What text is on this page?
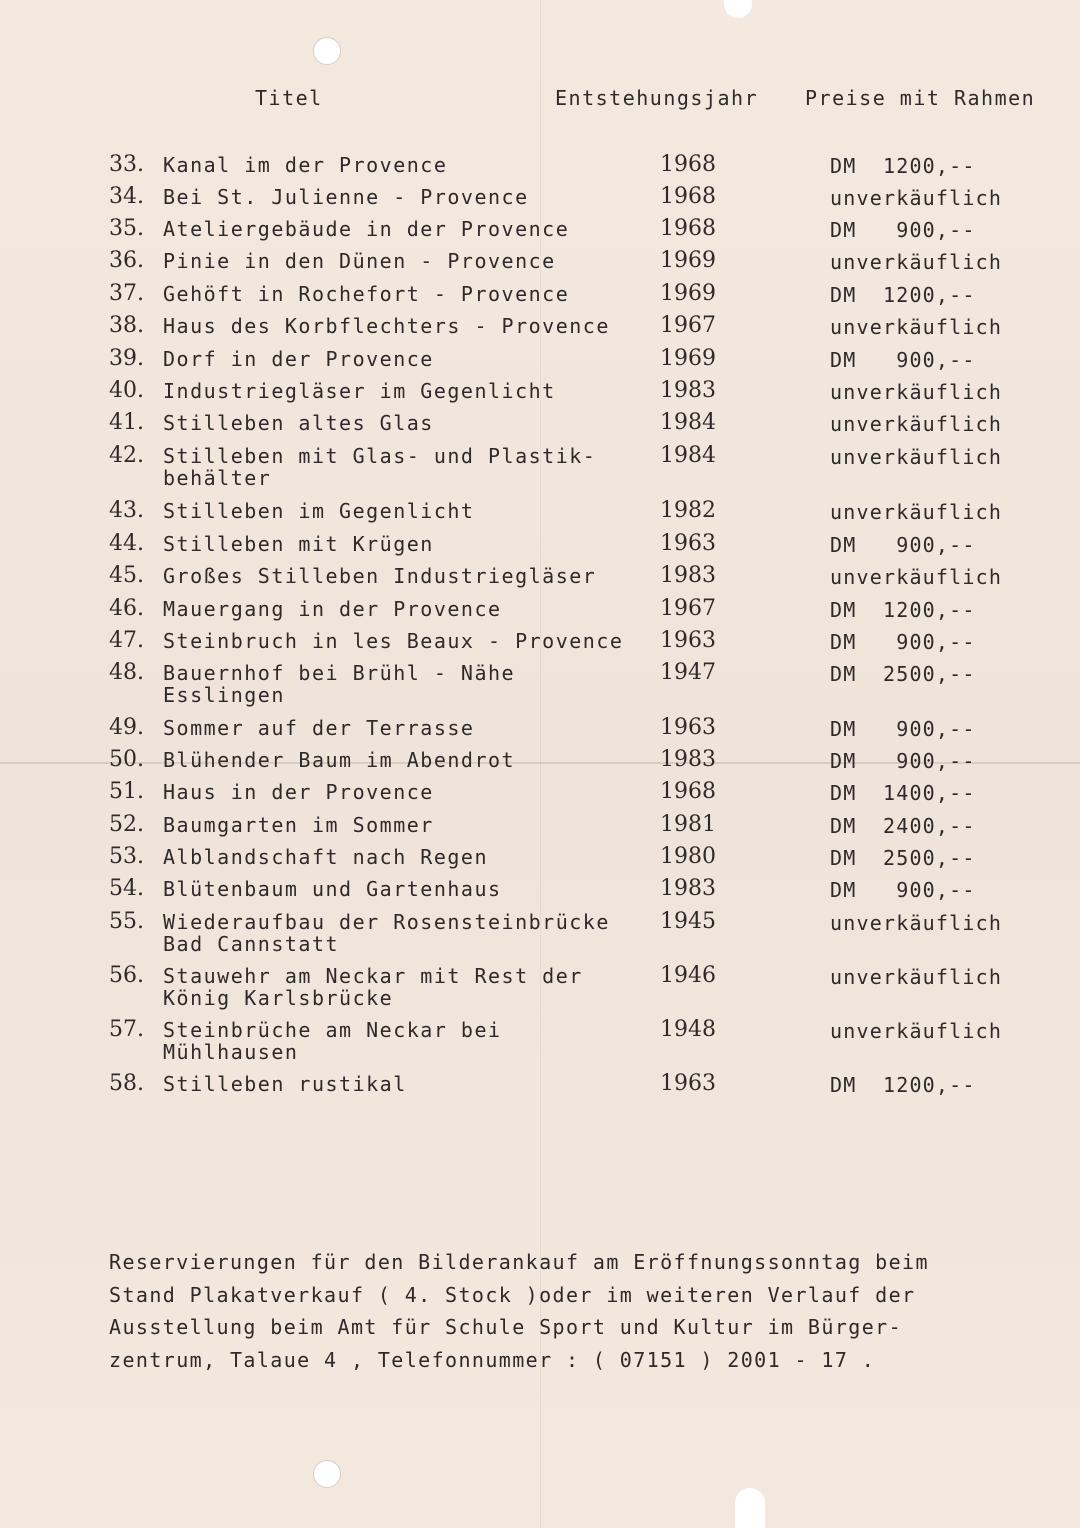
Titel	Entstehungsjahr Preise mit Rahmen
33. Kanal im der Provence	1968	DM  1200,--
34. Bei St. Julienne - Provence	1968	unverkäuflich
35. Ateliergebäude in der Provence	1968	DM   900,--
36. Pinie in den Dünen - Provence	1969	unverkäuflich
37. Gehöft in Rochefort - Provence	1969	DM  1200,--
38. Haus des Korbflechters - Provence	1967	unverkäuflich
39. Dorf in der Provence	1969	DM   900,--
40. Industriegläser im Gegenlicht	1983	unverkäuflich
41. Stilleben altes Glas	1984	unverkäuflich
42. Stilleben mit Glas- und Plastik-
behälter
1984	unverkäuflich
43. Stilleben im Gegenlicht	1982	unverkäuflich
44. Stilleben mit Krügen	1963	DM   900,--
45. Großes Stilleben Industriegläser	1983	unverkäuflich
46. Mauergang in der Provence	1967	DM  1200,--
47. Steinbruch in les Beaux - Provence	1963	DM   900,--
48. Bauernhof bei Brühl - Nähe
Esslingen
1947	DM  2500,--
49. Sommer auf der Terrasse	1963	DM   900,--
50. Blühender Baum im Abendrot	1983	DM   900,--
51. Haus in der Provence	1968	DM  1400,--
52. Baumgarten im Sommer	1981	DM  2400,--
53. Alblandschaft nach Regen	1980	DM  2500,--
54. Blütenbaum und Gartenhaus	1983	DM   900,--
55. Wiederaufbau der Rosensteinbrücke
Bad Cannstatt
1945	unverkäuflich
56. Stauwehr am Neckar mit Rest der
König Karlsbrücke
1946	unverkäuflich
57. Steinbrüche am Neckar bei
Mühlhausen
1948	unverkäuflich
58. Stilleben rustikal	1963	DM  1200,--
Reservierungen für den Bilderankauf am Eröffnungssonntag beim
Stand Plakatverkauf ( 4. Stock )oder im weiteren Verlauf der
Ausstellung beim Amt für Schule Sport und Kultur im Bürger-
zentrum, Talaue 4 , Telefonnummer : ( 07151 ) 2001 - 17 .
